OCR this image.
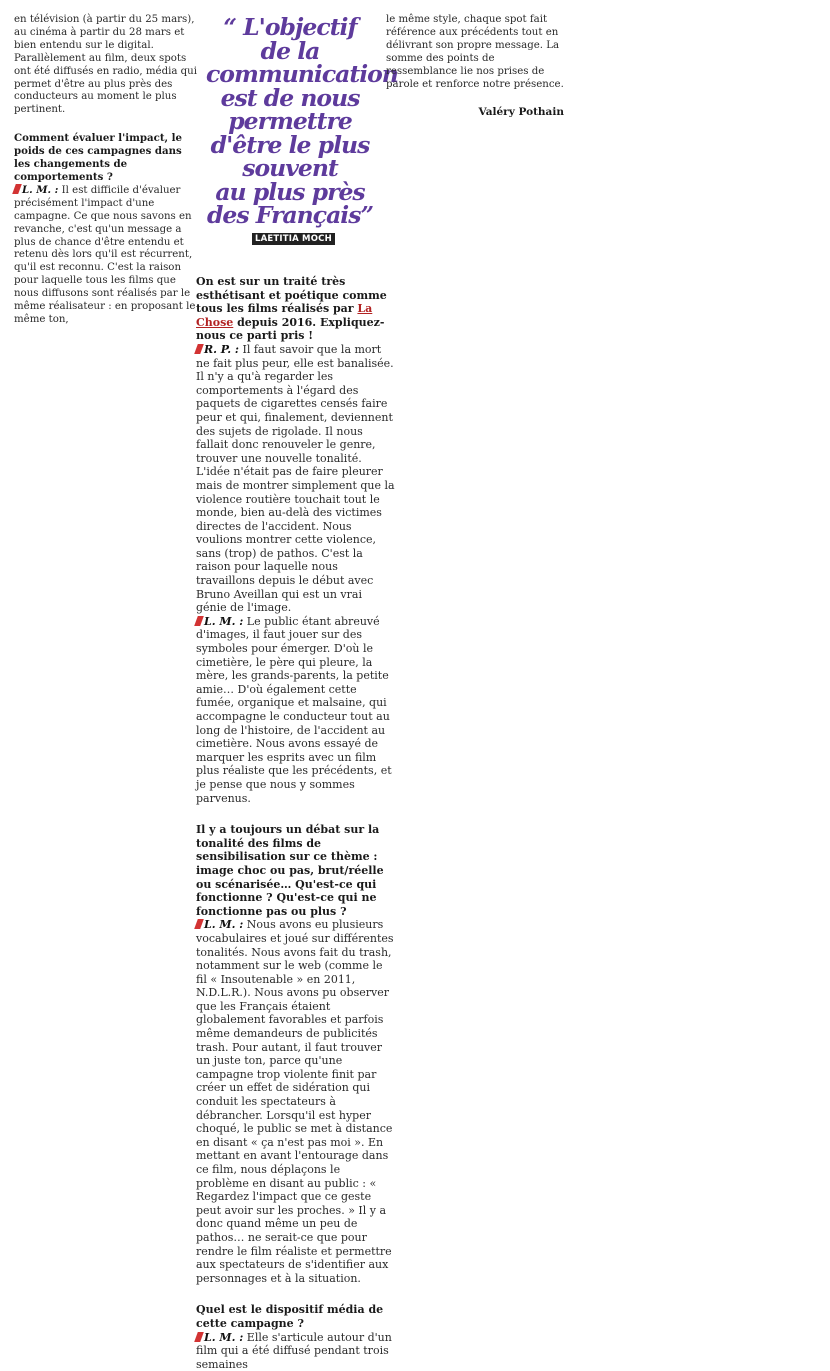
en télévision (à partir du 25 mars), au cinéma à partir du 28 mars et bien entendu sur le digital. Parallèlement au film, deux spots ont été diffusés en radio, média qui permet d'être au plus près des conducteurs au moment le plus pertinent.

Comment évaluer l'impact, le poids de ces campagnes dans les changements de comportements ?

L. M. : Il est difficile d'évaluer précisément l'impact d'une campagne. Ce que nous savons en revanche, c'est qu'un message a plus de chance d'être entendu et retenu dès lors qu'il est récurrent, qu'il est reconnu. C'est la raison pour laquelle tous les films que nous diffusons sont réalisés par le même réalisateur : en proposant le même ton,

“ L'objectif de la

communication

est de nous

permettre

d'être le plus

souvent

au plus près

des Français”

LAETITIA MOCH

le même style, chaque spot fait référence aux précédents tout en délivrant son propre message. La somme des points de ressemblance lie nos prises de parole et renforce notre présence.

Valéry Pothain

On est sur un traité très esthétisant et poétique comme tous les films réalisés par La Chose depuis 2016. Expliquez-nous ce parti pris !

R. P. : Il faut savoir que la mort ne fait plus peur, elle est banalisée. Il n'y a qu'à regarder les comportements à l'égard des paquets de cigarettes censés faire peur et qui, finalement, deviennent des sujets de rigolade. Il nous fallait donc renouveler le genre, trouver une nouvelle tonalité. L'idée n'était pas de faire pleurer mais de montrer simplement que la violence routière touchait tout le monde, bien au-delà des victimes directes de l'accident. Nous voulions montrer cette violence, sans (trop) de pathos. C'est la raison pour laquelle nous travaillons depuis le début avec Bruno Aveillan qui est un vrai génie de l'image.

L. M. : Le public étant abreuvé d'images, il faut jouer sur des symboles pour émerger. D'où le cimetière, le père qui pleure, la mère, les grands-parents, la petite amie… D'où également cette fumée, organique et malsaine, qui accompagne le conducteur tout au long de l'histoire, de l'accident au cimetière. Nous avons essayé de marquer les esprits avec un film plus réaliste que les précédents, et je pense que nous y sommes parvenus.

Il y a toujours un débat sur la tonalité des films de sensibilisation sur ce thème : image choc ou pas, brut/réelle ou scénarisée… Qu'est-ce qui fonctionne ? Qu'est-ce qui ne fonctionne pas ou plus ?

L. M. : Nous avons eu plusieurs vocabulaires et joué sur différentes tonalités. Nous avons fait du trash, notamment sur le web (comme le fil « Insoutenable » en 2011, N.D.L.R.). Nous avons pu observer que les Français étaient globalement favorables et parfois même demandeurs de publicités trash. Pour autant, il faut trouver un juste ton, parce qu'une campagne trop violente finit par créer un effet de sidération qui conduit les spectateurs à débrancher. Lorsqu'il est hyper choqué, le public se met à distance en disant « ça n'est pas moi ». En mettant en avant l'entourage dans ce film, nous déplaçons le problème en disant au public : « Regardez l'impact que ce geste peut avoir sur les proches. » Il y a donc quand même un peu de pathos… ne serait-ce que pour rendre le film réaliste et permettre aux spectateurs de s'identifier aux personnages et à la situation.

Quel est le dispositif média de cette campagne ?

L. M. : Elle s'articule autour d'un film qui a été diffusé pendant trois semaines
